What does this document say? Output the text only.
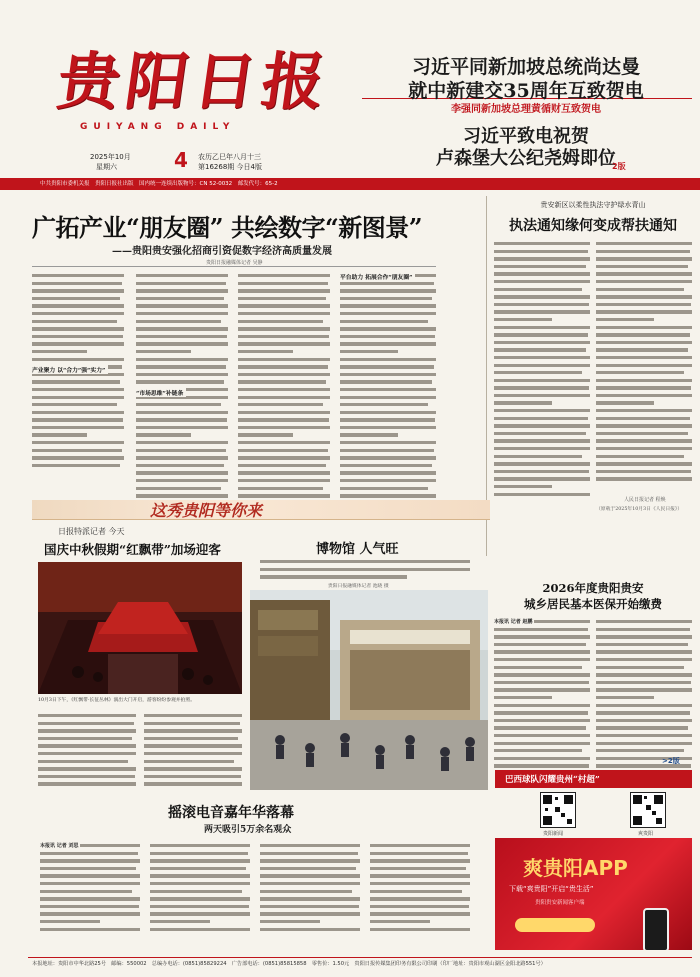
贵阳日报
GUIYANG DAILY
2025年10月
星期六	4 农历乙巳年八月十三
第16268期 今日4版
中共贵阳市委机关报　贵阳日报社出版　国内统一连续出版物号：CN 52-0032　邮发代号：65-2
习近平同新加坡总统尚达曼
就中新建交35周年互致贺电
李强同新加坡总理黄循财互致贺电
习近平致电祝贺
卢森堡大公纪尧姆即位
2版
广拓产业“朋友圈” 共绘数字“新图景”
——贵阳贵安强化招商引资促数字经济高质量发展
贵阳日报融媒体记者 吴静
产业聚力 以“合力”强“实力”
“市场思维”补链条
平台助力 拓展合作“朋友圈”
贵安新区以柔性执法守护绿水青山
执法通知缘何变成帮扶通知
人民日报记者 程焕
（原载于2025年10月3日《人民日报》）
2026年度贵阳贵安
城乡居民基本医保开始缴费
本报讯 记者 赵鹏
这秀贵阳等你来
日报特派记者 今天
国庆中秋假期“红飘带”加场迎客
10月3日下午，《红飘带·长征丛林》演出大门开启，游客纷纷参观并拍照。
博物馆 人气旺
贵阳日报融媒体记者 池晓 摄
巴西球队闪耀贵州“村超”
>2版
贵阳新闻	爽贵阳
摇滚电音嘉年华落幕
两天吸引5万余名观众
本报讯 记者 刘思
爽贵阳APP
下载“爽贵阳”开启“贵生活”
贵阳贵安新闻客户端
本报地址：贵阳市中华北路25号　邮编：550002　总编办电话：(0851)85829224　广告部电话：(0851)85815858　零售价：1.50元　贵阳日报传媒集团印务有限公司印刷（印厂地址：贵阳市观山湖区金阳北路551号）
